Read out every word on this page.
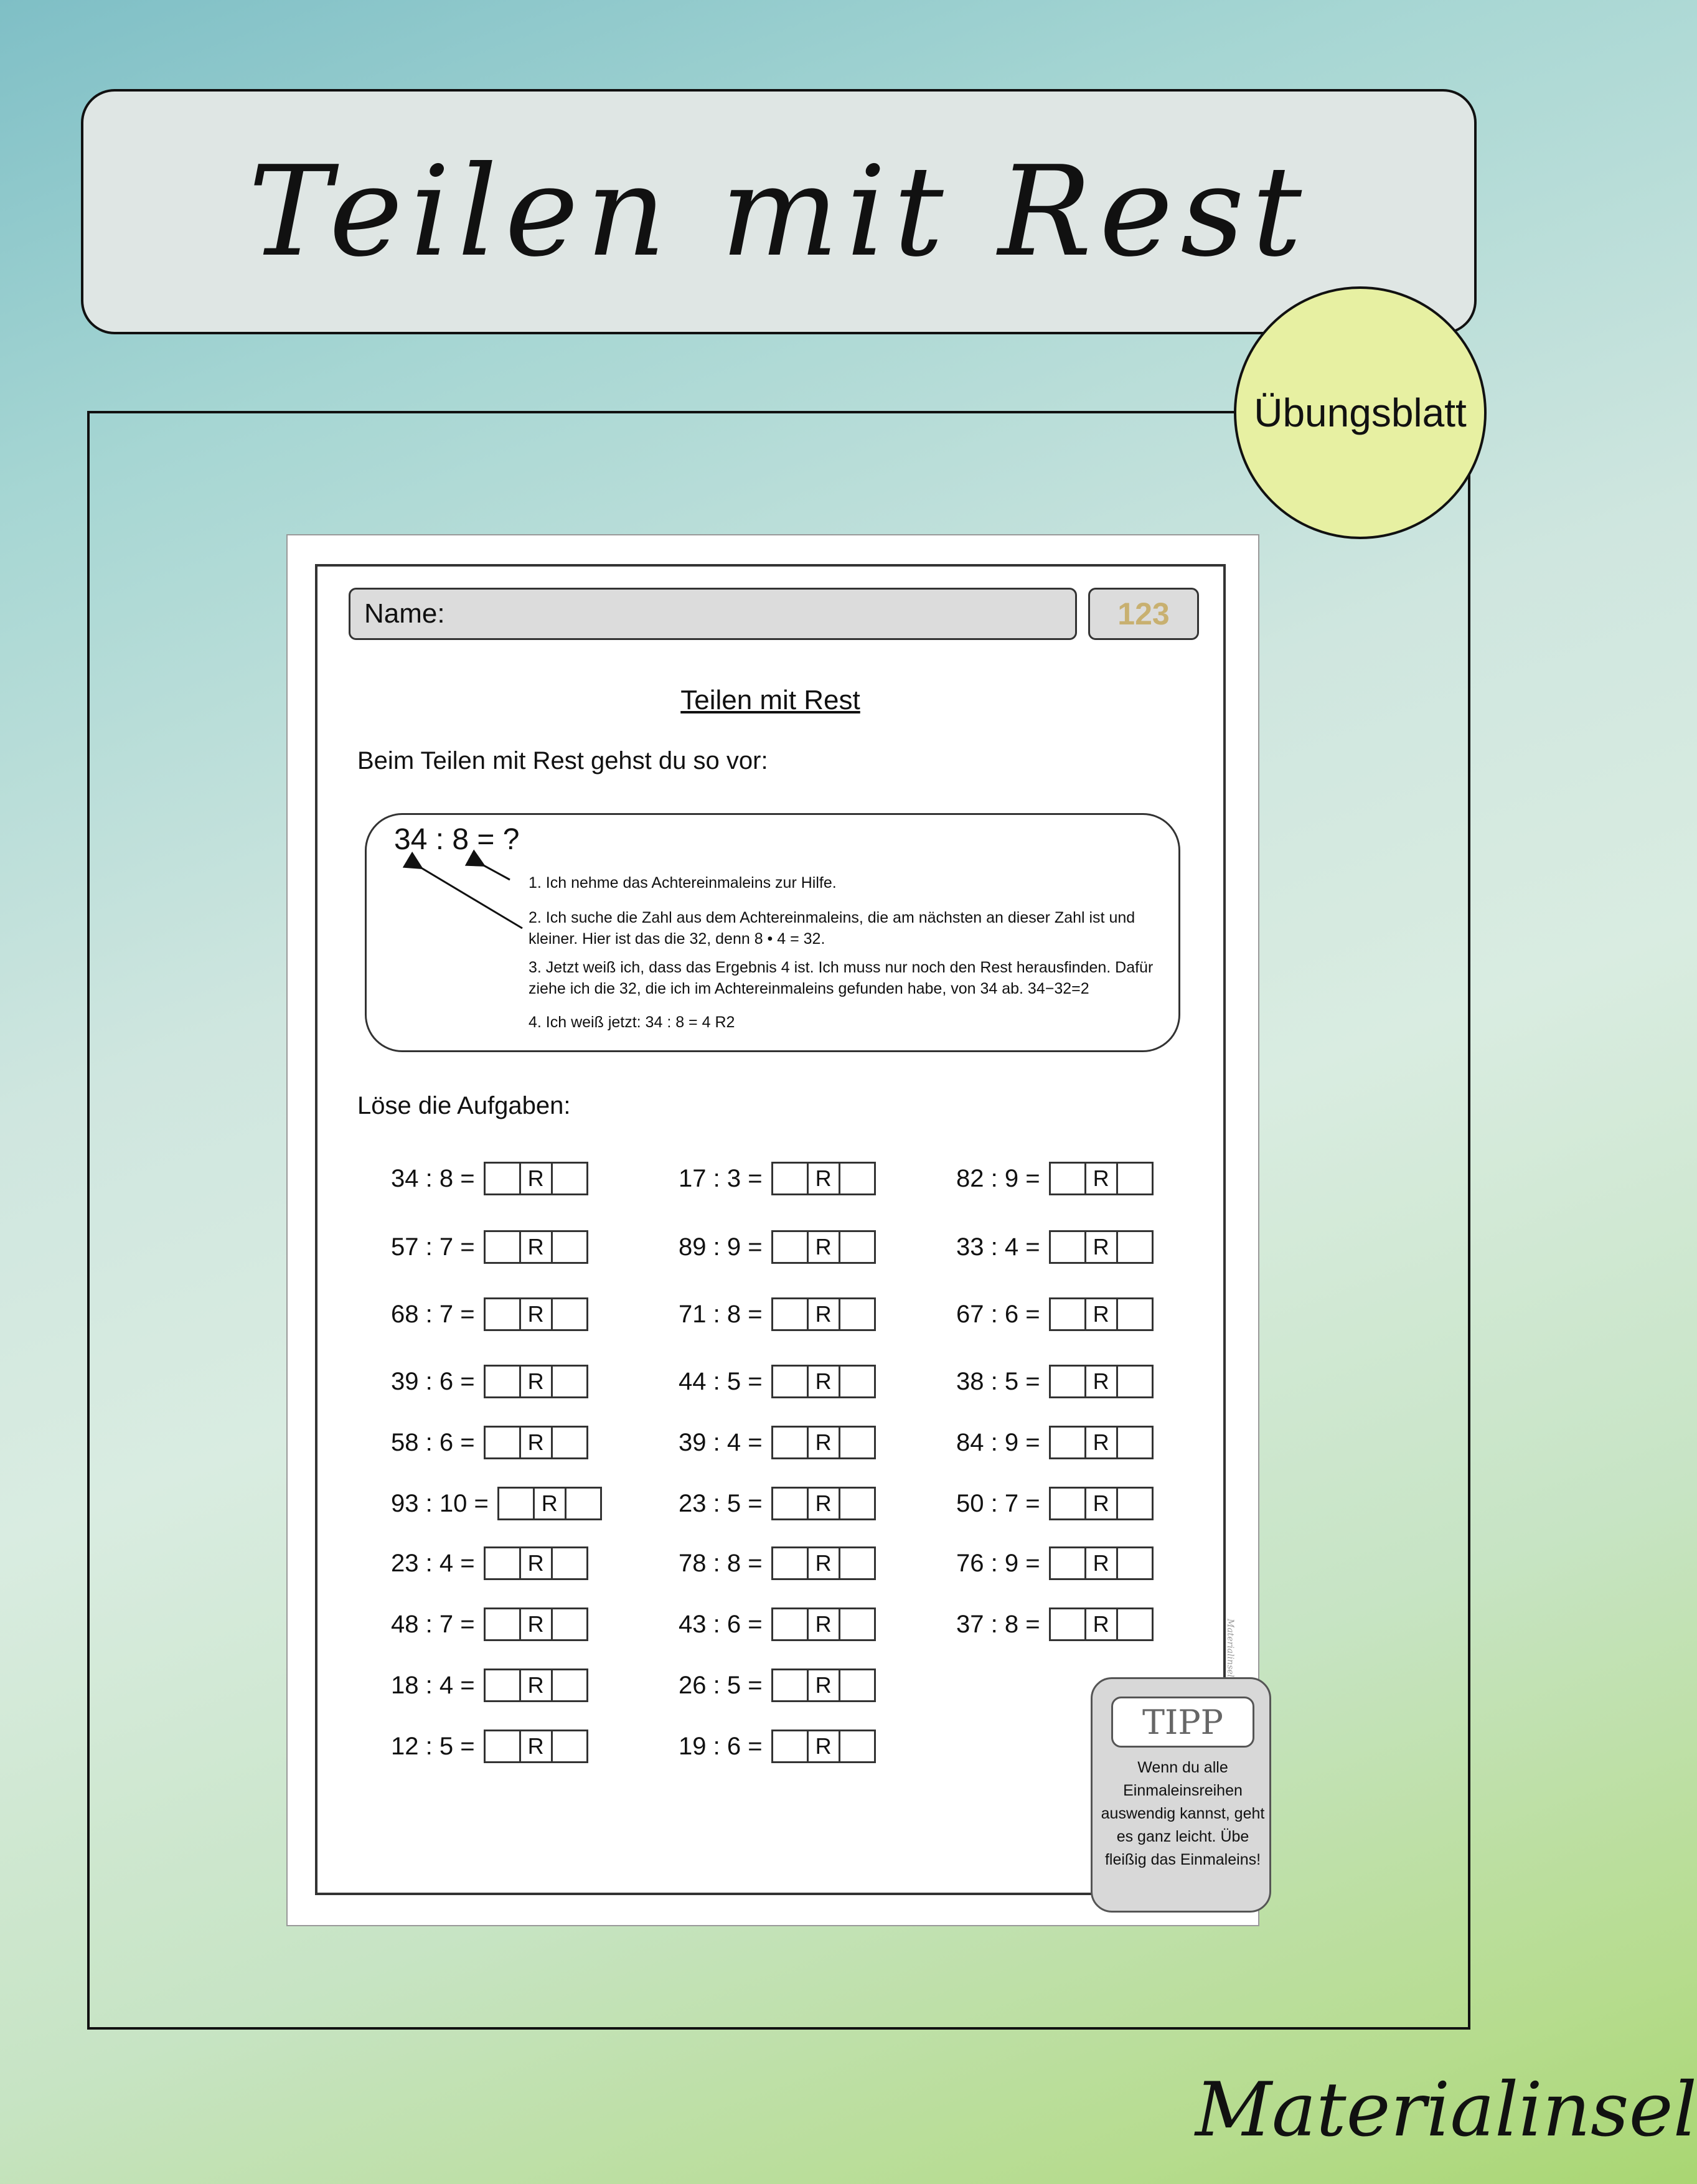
Teilen mit Rest
Übungsblatt
Name:	123
Teilen mit Rest
Beim Teilen mit Rest gehst du so vor:
34 : 8 = ?
1. Ich nehme das Achtereinmaleins zur Hilfe.
2. Ich suche die Zahl aus dem Achtereinmaleins, die am nächsten an dieser Zahl ist und kleiner. Hier ist das die 32, denn 8 • 4 = 32.
3. Jetzt weiß ich, dass das Ergebnis 4 ist. Ich muss nur noch den Rest herausfinden. Dafür ziehe ich die 32, die ich im Achtereinmaleins gefunden habe, von 34 ab. 34−32=2
4. Ich weiß jetzt: 34 : 8 = 4 R2
Löse die Aufgaben:
34 : 8 =	R
57 : 7 =	R
68 : 7 =	R
39 : 6 =	R
58 : 6 =	R
93 : 10 =	R
23 : 4 =	R
48 : 7 =	R
18 : 4 =	R
12 : 5 =	R
17 : 3 =	R
89 : 9 =	R
71 : 8 =	R
44 : 5 =	R
39 : 4 =	R
23 : 5 =	R
78 : 8 =	R
43 : 6 =	R
26 : 5 =	R
19 : 6 =	R
82 : 9 =	R
33 : 4 =	R
67 : 6 =	R
38 : 5 =	R
84 : 9 =	R
50 : 7 =	R
76 : 9 =	R
37 : 8 =	R
TIPP
Wenn du alle Einmaleinsreihen auswendig kannst, geht es ganz leicht. Übe fleißig das Einmaleins!
Materialinsel
Materialinsel
